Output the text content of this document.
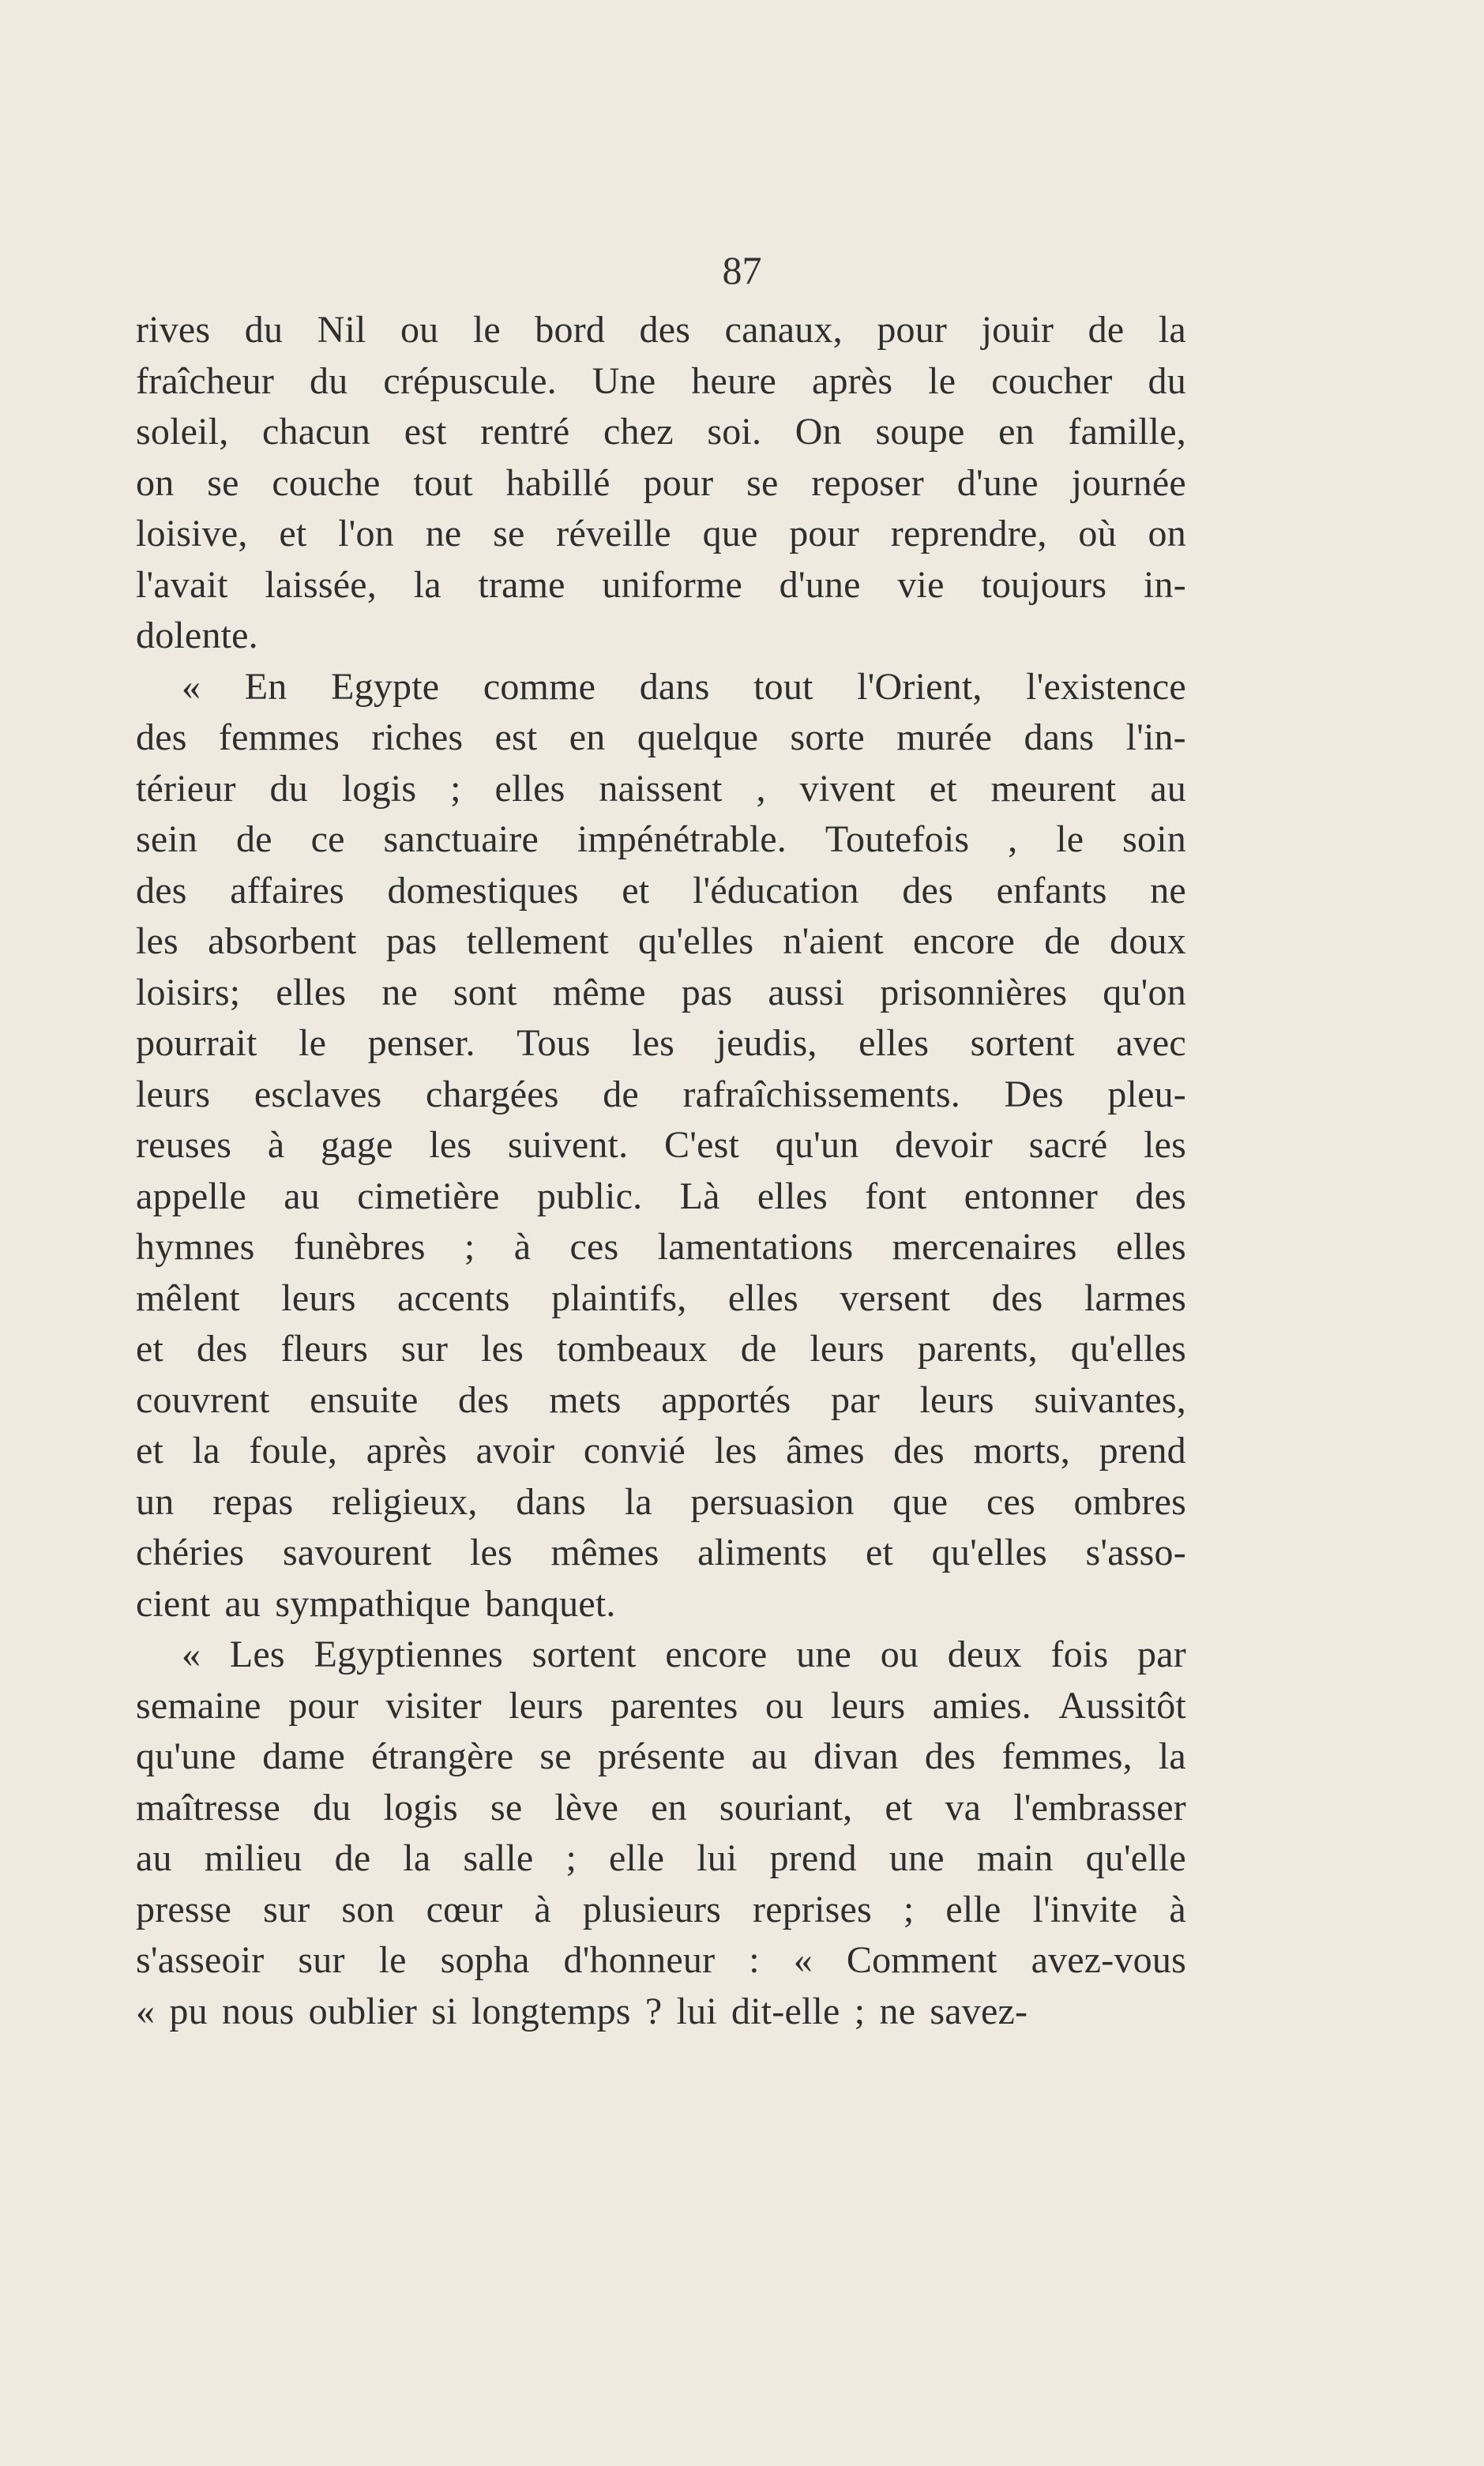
87
rives du Nil ou le bord des canaux, pour jouir de la
fraîcheur du crépuscule. Une heure après le coucher du
soleil, chacun est rentré chez soi. On soupe en famille,
on se couche tout habillé pour se reposer d'une journée
loisive, et l'on ne se réveille que pour reprendre, où on
l'avait laissée, la trame uniforme d'une vie toujours in-
dolente.
« En Egypte comme dans tout l'Orient, l'existence
des femmes riches est en quelque sorte murée dans l'in-
térieur du logis ; elles naissent , vivent et meurent au
sein de ce sanctuaire impénétrable. Toutefois , le soin
des affaires domestiques et l'éducation des enfants ne
les absorbent pas tellement qu'elles n'aient encore de doux
loisirs; elles ne sont même pas aussi prisonnières qu'on
pourrait le penser. Tous les jeudis, elles sortent avec
leurs esclaves chargées de rafraîchissements. Des pleu-
reuses à gage les suivent. C'est qu'un devoir sacré les
appelle au cimetière public. Là elles font entonner des
hymnes funèbres ; à ces lamentations mercenaires elles
mêlent leurs accents plaintifs, elles versent des larmes
et des fleurs sur les tombeaux de leurs parents, qu'elles
couvrent ensuite des mets apportés par leurs suivantes,
et la foule, après avoir convié les âmes des morts, prend
un repas religieux, dans la persuasion que ces ombres
chéries savourent les mêmes aliments et qu'elles s'asso-
cient au sympathique banquet.
« Les Egyptiennes sortent encore une ou deux fois par
semaine pour visiter leurs parentes ou leurs amies. Aussitôt
qu'une dame étrangère se présente au divan des femmes, la
maîtresse du logis se lève en souriant, et va l'embrasser
au milieu de la salle ; elle lui prend une main qu'elle
presse sur son cœur à plusieurs reprises ; elle l'invite à
s'asseoir sur le sopha d'honneur : « Comment avez-vous
« pu nous oublier si longtemps ? lui dit-elle ; ne savez-
